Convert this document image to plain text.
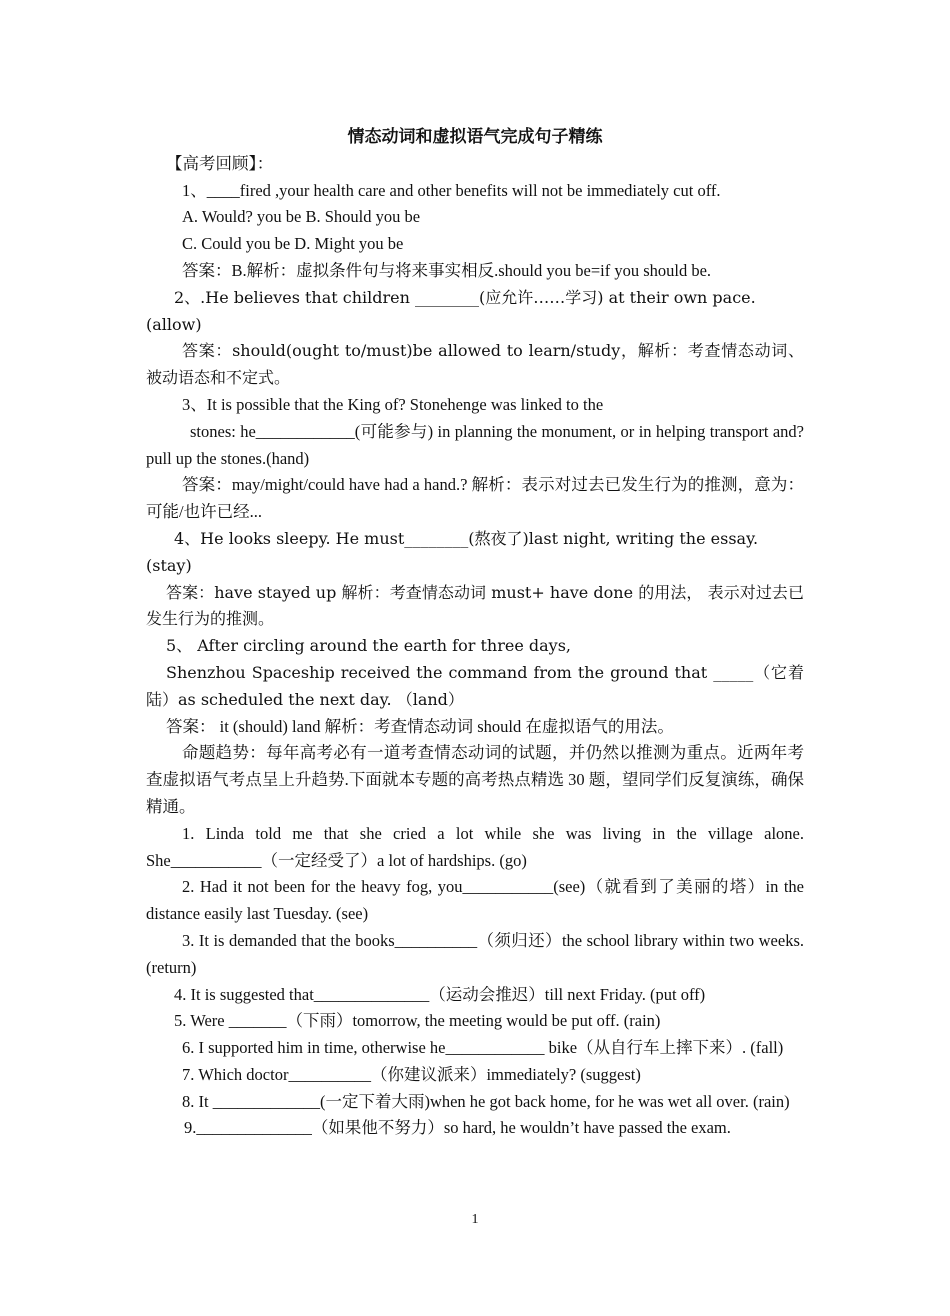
情态动词和虚拟语气完成句子精练

【高考回顾】：

1、____fired ,your health care and other benefits will not be immediately cut off.

A. Would? you be B. Should you be

C. Could you be D. Might you be

答案：B.解析：虚拟条件句与将来事实相反.should you be=if you should be.

2、.He believes that children ________(应允许……学习) at their own pace. (allow)

答案：should(ought to/must)be allowed to learn/study，解析：考查情态动词、被动语态和不定式。

3、It is possible that the King of? Stonehenge was linked to the

stones: he____________(可能参与) in planning the monument, or in helping transport and? pull up the stones.(hand)

答案：may/might/could have had a hand.? 解析：表示对过去已发生行为的推测，意为：可能/也许已经...

4、He looks sleepy. He must________(熬夜了)last night, writing the essay. (stay)

答案：have stayed up 解析：考查情态动词 must+ have done 的用法， 表示对过去已发生行为的推测。

5、 After circling around the earth for three days,

Shenzhou Spaceship received the command from the ground that _____（它着陆）as scheduled the next day. （land）

答案： it (should) land 解析：考查情态动词 should 在虚拟语气的用法。

命题趋势：每年高考必有一道考查情态动词的试题，并仍然以推测为重点。近两年考查虚拟语气考点呈上升趋势.下面就本专题的高考热点精选 30 题，望同学们反复演练，确保精通。

1. Linda told me that she cried a lot while she was living in the village alone. She___________（一定经受了）a lot of hardships. (go)

2. Had it not been for the heavy fog, you___________(see)（就看到了美丽的塔）in the distance easily last Tuesday. (see)

3. It is demanded that the books__________（须归还）the school library within two weeks. (return)

4. It is suggested that______________（运动会推迟）till next Friday. (put off)

5. Were _______（下雨）tomorrow, the meeting would be put off. (rain)

6. I supported him in time, otherwise he____________ bike（从自行车上摔下来）. (fall)

7. Which doctor__________（你建议派来）immediately? (suggest)

8. It _____________(一定下着大雨)when he got back home, for he was wet all over. (rain)

9.______________（如果他不努力）so hard, he wouldn’t have passed the exam.

1
